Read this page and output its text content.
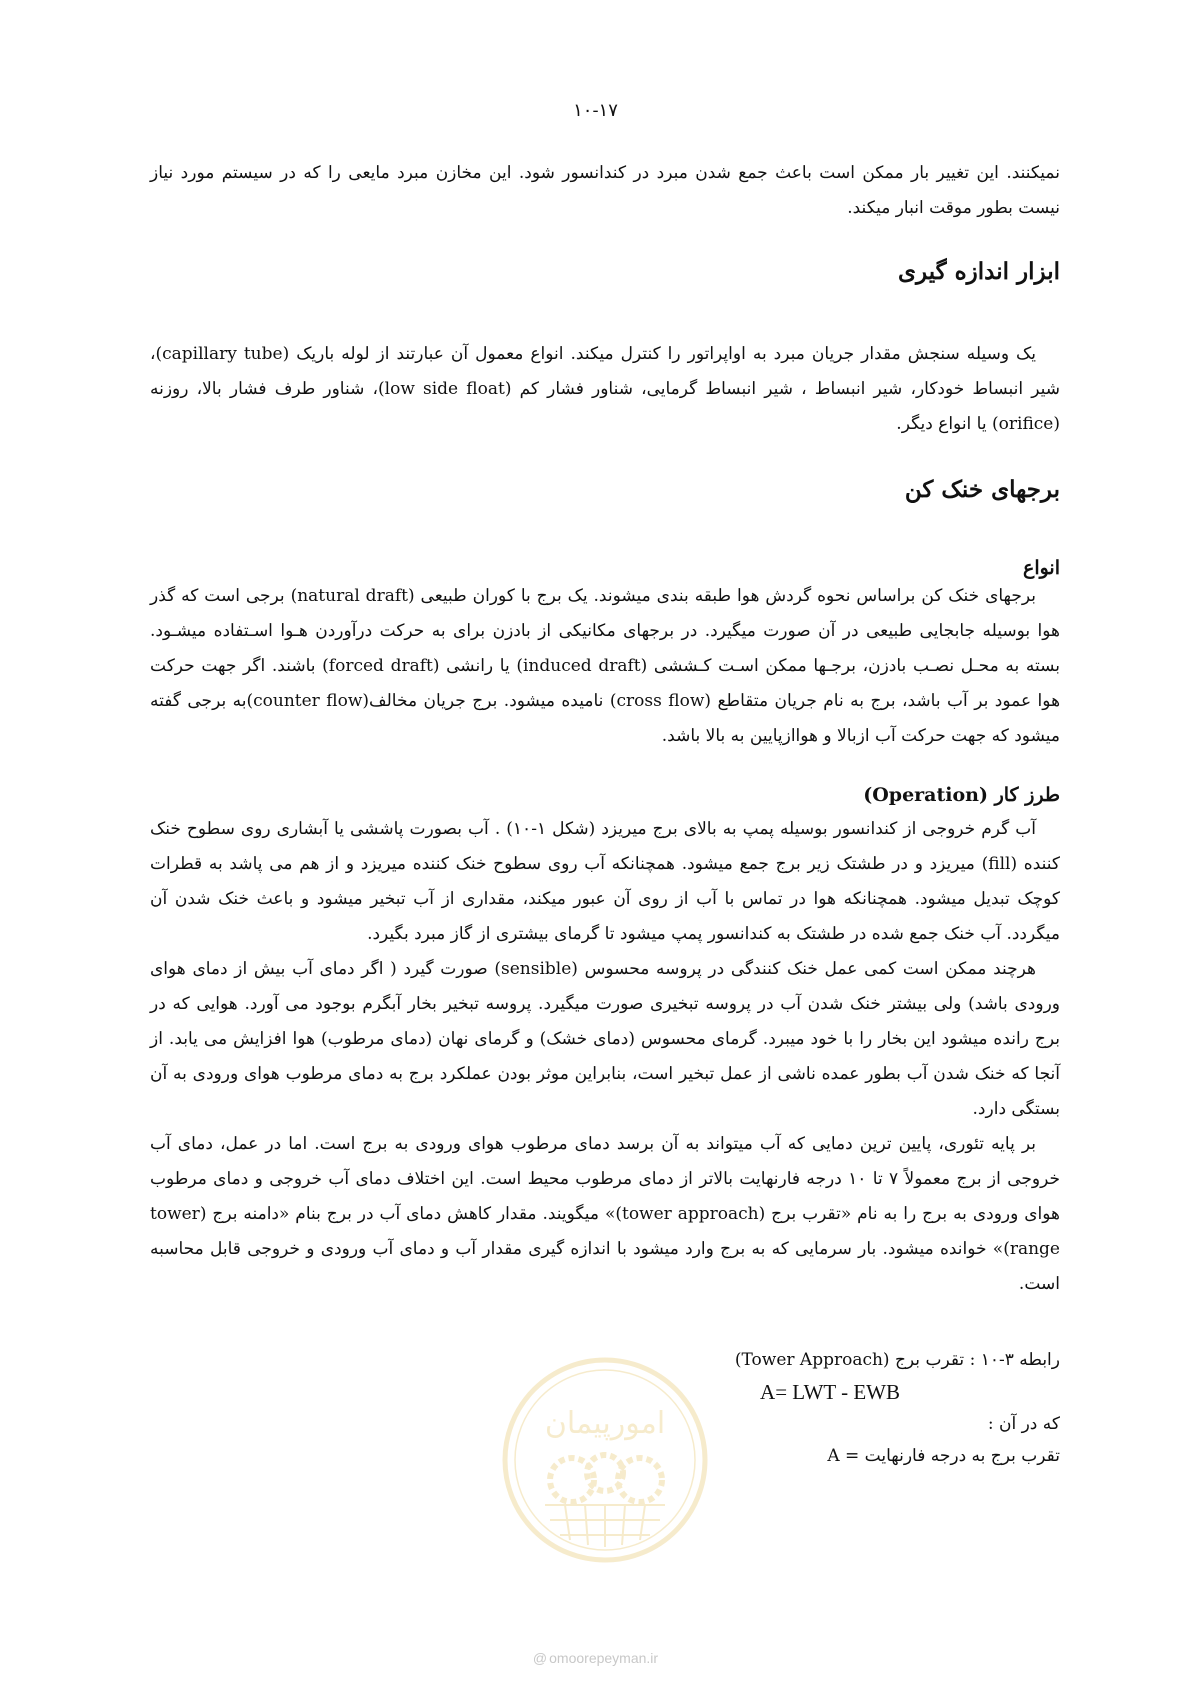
۱۰-۱۷

نمیکنند. این تغییر بار ممکن است باعث جمع شدن مبرد در کندانسور شود. این مخازن مبرد مایعی را که در سیستم مورد نیاز نیست بطور موقت انبار میکند.

ابزار اندازه گیری

یک وسیله سنجش مقدار جریان مبرد به اواپراتور را کنترل میکند. انواع معمول آن عبارتند از لوله باریک (capillary tube)، شیر انبساط خودکار، شیر انبساط ، شیر انبساط گرمایی، شناور فشار کم (low side float)، شناور طرف فشار بالا، روزنه (orifice) یا انواع دیگر.

برجهای خنک کن
انواع

برجهای خنک کن براساس نحوه گردش هوا طبقه بندی میشوند. یک برج با کوران طبیعی (natural draft) برجی است که گذر هوا بوسیله جابجایی طبیعی در آن صورت میگیرد. در برجهای مکانیکی از بادزن برای به حرکت درآوردن هـوا اسـتفاده میشـود. بسته به محـل نصـب بادزن، برجـها ممکن اسـت کـششی (induced draft) یا رانشی (forced draft) باشند. اگر جهت حرکت هوا عمود بر آب باشد، برج به نام جریان متقاطع (cross flow) نامیده میشود. برج جریان مخالف(counter flow)به برجی گفته میشود که جهت حرکت آب ازبالا و هواازپایین به بالا باشد.

طرز کار (Operation)

آب گرم خروجی از کندانسور بوسیله پمپ به بالای برج میریزد (شکل ۱-۱۰) . آب بصورت پاششی یا آبشاری روی سطوح خنک کننده (fill) میریزد و در طشتک زیر برج جمع میشود. همچنانکه آب روی سطوح خنک کننده میریزد و از هم می پاشد به قطرات کوچک تبدیل میشود. همچنانکه هوا در تماس با آب از روی آن عبور میکند، مقداری از آب تبخیر میشود و باعث خنک شدن آن میگردد. آب خنک جمع شده در طشتک به کندانسور پمپ میشود تا گرمای بیشتری از گاز مبرد بگیرد.

هرچند ممکن است کمی عمل خنک کنندگی در پروسه محسوس (sensible) صورت گیرد ( اگر دمای آب بیش از دمای هوای ورودی باشد) ولی بیشتر خنک شدن آب در پروسه تبخیری صورت میگیرد. پروسه تبخیر بخار آبگرم بوجود می آورد. هوایی که در برج رانده میشود این بخار را با خود میبرد. گرمای محسوس (دمای خشک) و گرمای نهان (دمای مرطوب) هوا افزایش می یابد. از آنجا که خنک شدن آب بطور عمده ناشی از عمل تبخیر است، بنابراین موثر بودن عملکرد برج به دمای مرطوب هوای ورودی به آن بستگی دارد.

بر پایه تئوری، پایین ترین دمایی که آب میتواند به آن برسد دمای مرطوب هوای ورودی به برج است. اما در عمل، دمای آب خروجی از برج معمولاً ۷ تا ۱۰ درجه فارنهایت بالاتر از دمای مرطوب محیط است. این اختلاف دمای آب خروجی و دمای مرطوب هوای ورودی به برج را به نام «تقرب برج (tower approach)» میگویند. مقدار کاهش دمای آب در برج بنام «دامنه برج (tower range)» خوانده میشود. بار سرمایی که به برج وارد میشود با اندازه گیری مقدار آب و دمای آب ورودی و خروجی قابل محاسبه است.

رابطه ۳-۱۰ : تقرب برج (Tower Approach)

A= LWT - EWB

که در آن :

تقرب برج به درجه فارنهایت = A

امورپیمان
@ omoorepeyman.ir
